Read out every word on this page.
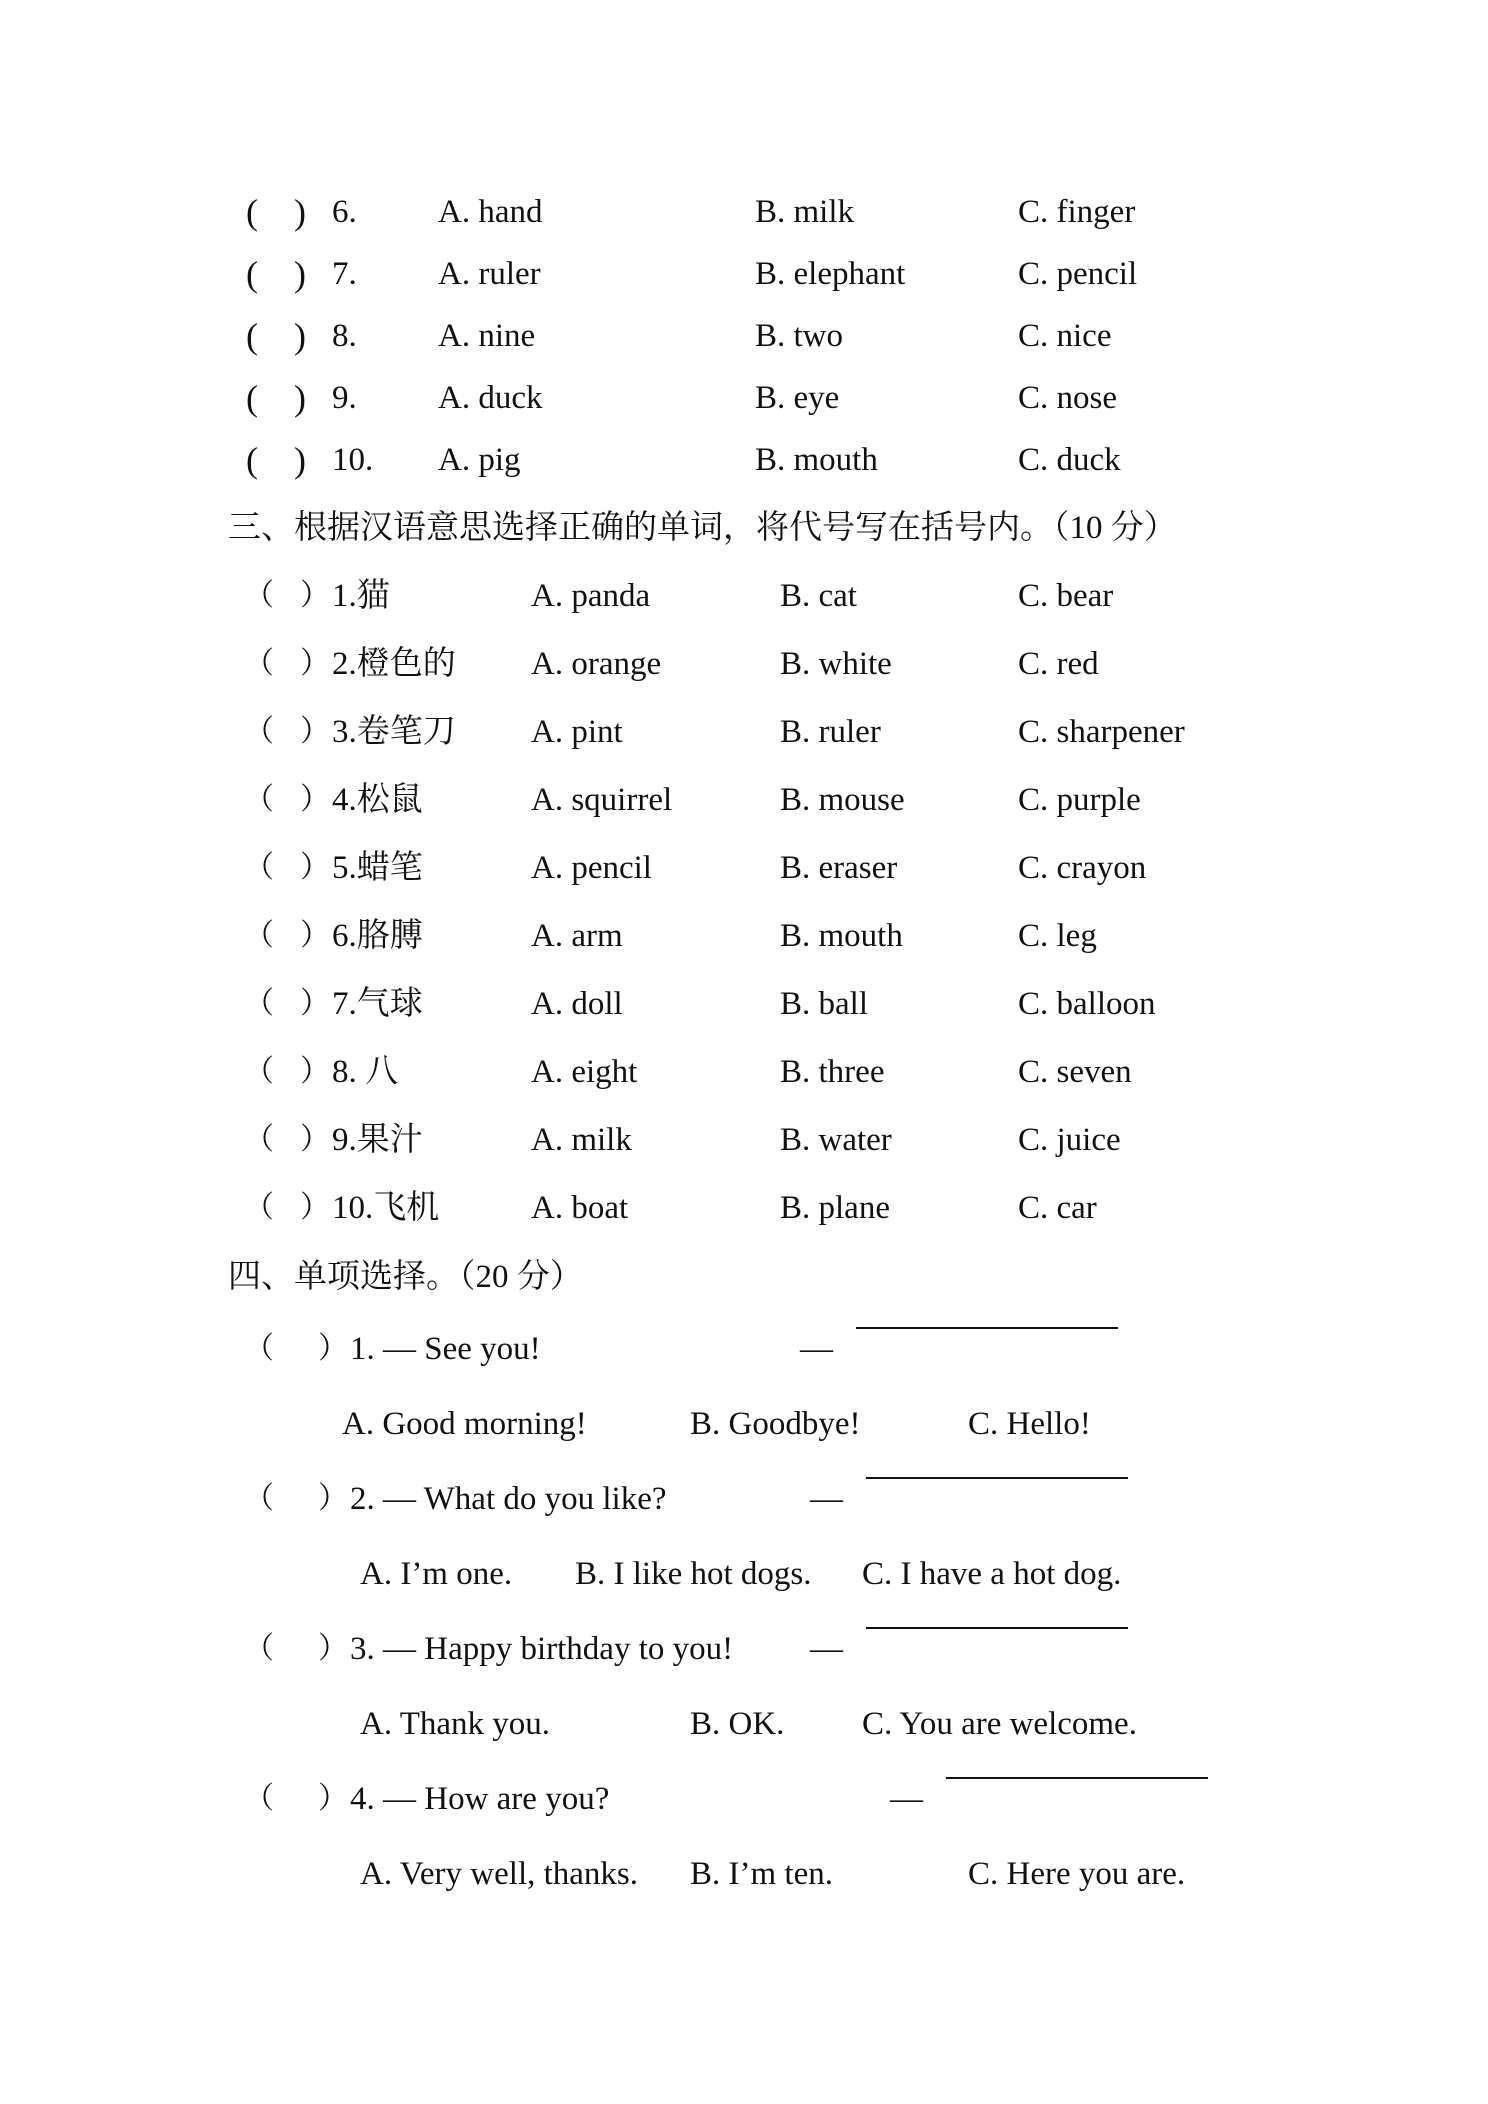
( ) 6. A. hand	B. milk	C. finger
( ) 7. A. ruler	B. elephant	C. pencil
( ) 8. A. nine	B. two	C. nice
( ) 9. A. duck	B. eye	C. nose
( ) 10. A. pig	B. mouth	C. duck
三、根据汉语意思选择正确的单词，将代号写在括号内。（10 分）
（ ） 1.猫	A. panda	B. cat	C. bear
（ ） 2.橙色的 A. orange	B. white	C. red
（ ） 3.卷笔刀 A. pint	B. ruler	C. sharpener
（ ） 4.松鼠	A. squirrel	B. mouse	C. purple
（ ） 5.蜡笔	A. pencil	B. eraser	C. crayon
（ ） 6.胳膊	A. arm	B. mouth	C. leg
（ ） 7.气球	A. doll	B. ball	C. balloon
（ ） 8. 八	A. eight	B. three	C. seven
（ ） 9.果汁	A. milk	B. water	C. juice
（ ） 10.飞机	A. boat	B. plane	C. car
四、单项选择。（20 分）
（ ） 1. — See you!	—
A. Good morning!	B. Goodbye!	C. Hello!
（ ） 2. — What do you like?	—
A. I’m one. B. I like hot dogs. C. I have a hot dog.
（ ） 3. — Happy birthday to you! —
A. Thank you.	B. OK. C. You are welcome.
（ ） 4. — How are you?	—
A. Very well, thanks. B. I’m ten.	C. Here you are.
